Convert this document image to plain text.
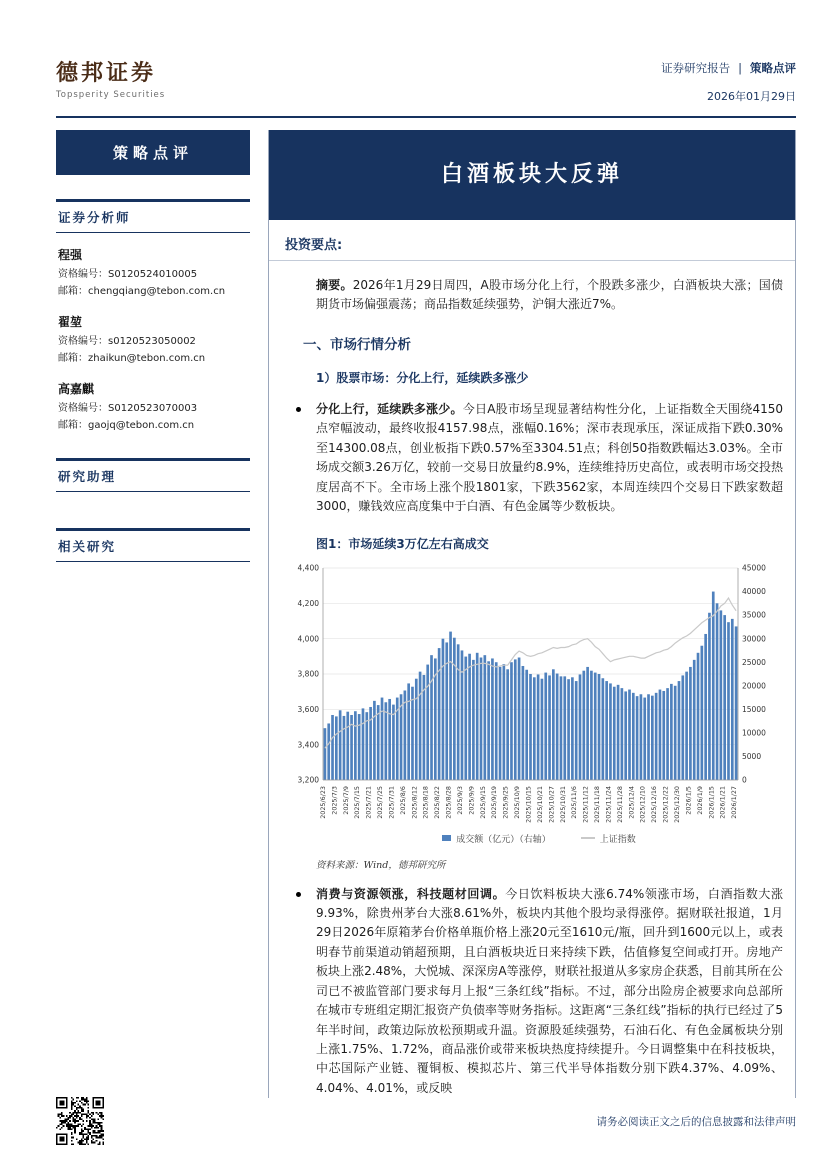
德邦证券
Topsperity Securities
证券研究报告 | 策略点评
2026年01月29日
策略点评
证券分析师
程强
资格编号：S0120524010005
邮箱：chengqiang@tebon.com.cn
翟堃
资格编号：s0120523050002
邮箱：zhaikun@tebon.com.cn
高嘉麒
资格编号：S0120523070003
邮箱：gaojq@tebon.com.cn
研究助理
相关研究
白酒板块大反弹
投资要点:

摘要。2026年1月29日周四，A股市场分化上行，个股跌多涨少，白酒板块大涨；国债期货市场偏强震荡；商品指数延续强势，沪铜大涨近7%。

一、市场行情分析
1）股票市场：分化上行，延续跌多涨少

分化上行，延续跌多涨少。今日A股市场呈现显著结构性分化，上证指数全天围绕4150点窄幅波动，最终收报4157.98点，涨幅0.16%；深市表现承压，深证成指下跌0.30%至14300.08点，创业板指下跌0.57%至3304.51点；科创50指数跌幅达3.03%。全市场成交额3.26万亿，较前一交易日放量约8.9%，连续维持历史高位，或表明市场交投热度居高不下。全市场上涨个股1801家，下跌3562家，本周连续四个交易日下跌家数超3000，赚钱效应高度集中于白酒、有色金属等少数板块。

图1：市场延续3万亿左右高成交
3,200
3,400
3,600
3,800
4,000
4,200
4,400
0
5000
10000
15000
20000
25000
30000
35000
40000
45000
2025/6/23 2025/7/3 2025/7/9 2025/7/15 2025/7/21 2025/7/25 2025/7/31 2025/8/6 2025/8/12 2025/8/18 2025/8/22 2025/8/28 2025/9/3 2025/9/9 2025/9/15 2025/9/19 2025/9/25 2025/10/9 2025/10/15 2025/10/21 2025/10/27 2025/10/31 2025/11/6 2025/11/12 2025/11/18 2025/11/24 2025/11/28 2025/12/4 2025/12/10 2025/12/16 2025/12/22 2025/12/30 2026/1/5 2026/1/9 2026/1/15 2026/1/21 2026/1/27
成交额（亿元）（右轴）	上证指数
资料来源：Wind，德邦研究所

消费与资源领涨，科技题材回调。今日饮料板块大涨6.74%领涨市场，白酒指数大涨9.93%，除贵州茅台大涨8.61%外，板块内其他个股均录得涨停。据财联社报道，1月29日2026年原箱茅台价格单瓶价格上涨20元至1610元/瓶，回升到1600元以上，或表明春节前渠道动销超预期，且白酒板块近日来持续下跌，估值修复空间或打开。房地产板块上涨2.48%，大悦城、深深房A等涨停，财联社报道从多家房企获悉，目前其所在公司已不被监管部门要求每月上报“三条红线”指标。不过，部分出险房企被要求向总部所在城市专班组定期汇报资产负债率等财务指标。这距离“三条红线”指标的执行已经过了5年半时间，政策边际放松预期或升温。资源股延续强势，石油石化、有色金属板块分别上涨1.75%、1.72%，商品涨价或带来板块热度持续提升。今日调整集中在科技板块，中芯国际产业链、覆铜板、模拟芯片、第三代半导体指数分别下跌4.37%、4.09%、4.04%、4.01%，或反映

请务必阅读正文之后的信息披露和法律声明
